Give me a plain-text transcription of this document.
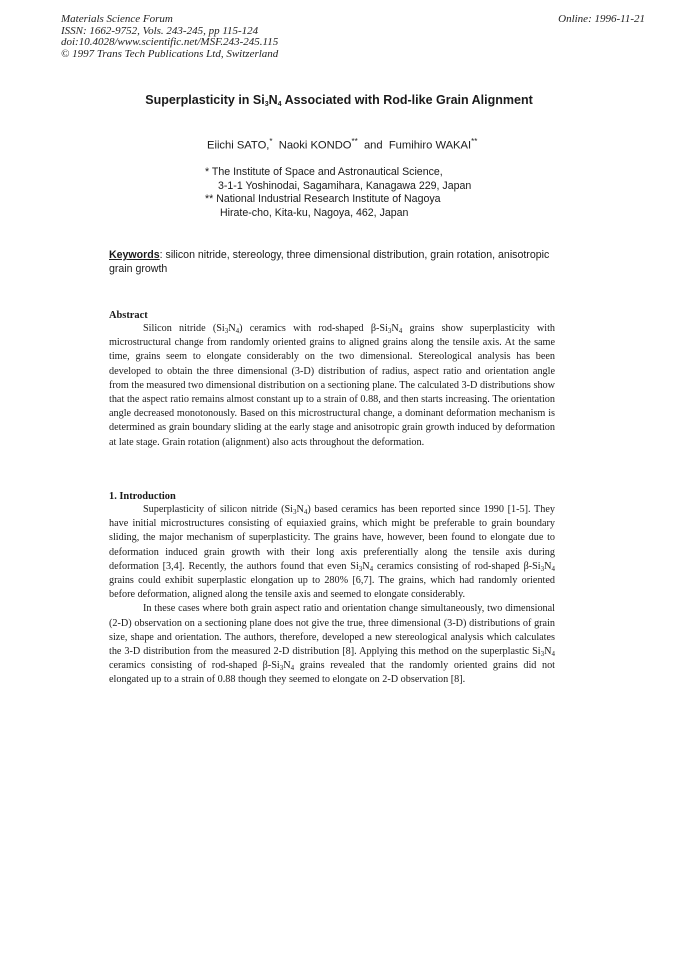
Materials Science Forum
ISSN: 1662-9752, Vols. 243-245, pp 115-124
doi:10.4028/www.scientific.net/MSF.243-245.115
© 1997 Trans Tech Publications Ltd, Switzerland
Online: 1996-11-21
Superplasticity in $Si_3N_4$ Associated with Rod-like Grain Alignment
Eiichi SATO,* Naoki KONDO** and Fumihiro WAKAI**
* The Institute of Space and Astronautical Science,
3-1-1 Yoshinodai, Sagamihara, Kanagawa 229, Japan
** National Industrial Research Institute of Nagoya
Hirate-cho, Kita-ku, Nagoya, 462, Japan
Keywords: silicon nitride, stereology, three dimensional distribution, grain rotation, anisotropic grain growth
Abstract

Silicon nitride $(Si_3N_4)$ ceramics with rod-shaped $\beta-Si_3N_4$ grains show superplasticity with microstructural change from randomly oriented grains to aligned grains along the tensile axis. At the same time, grains seem to elongate considerably on the two dimensional. Stereological analysis has been developed to obtain the three dimensional (3-D) distribution of radius, aspect ratio and orientation angle from the measured two dimensional distribution on a sectioning plane. The calculated 3-D distributions show that the aspect ratio remains almost constant up to a strain of 0.88, and then starts increasing. The orientation angle decreased monotonously. Based on this microstructural change, a dominant deformation mechanism is determined as grain boundary sliding at the early stage and anisotropic grain growth induced by deformation at late stage. Grain rotation (alignment) also acts throughout the deformation.

1. Introduction

Superplasticity of silicon nitride $(Si_3N_4)$ based ceramics has been reported since 1990 [1-5]. They have initial microstructures consisting of equiaxied grains, which might be preferable to grain boundary sliding, the major mechanism of superplasticity. The grains have, however, been found to elongate due to deformation induced grain growth with their long axis preferentially along the tensile axis during deformation [3,4]. Recently, the authors found that even $Si_3N_4$ ceramics consisting of rod-shaped $\beta-Si_3N_4$ grains could exhibit superplastic elongation up to 280% [6,7]. The grains, which had randomly oriented before deformation, aligned along the tensile axis and seemed to elongate considerably.

In these cases where both grain aspect ratio and orientation change simultaneously, two dimensional (2-D) observation on a sectioning plane does not give the true, three dimensional (3-D) distributions of grain size, shape and orientation. The authors, therefore, developed a new stereological analysis which calculates the 3-D distribution from the measured 2-D distribution [8]. Applying this method on the superplastic $Si_3N_4$ ceramics consisting of rod-shaped $\beta-Si_3N_4$ grains revealed that the randomly oriented grains did not elongated up to a strain of 0.88 though they seemed to elongate on 2-D observation [8].
